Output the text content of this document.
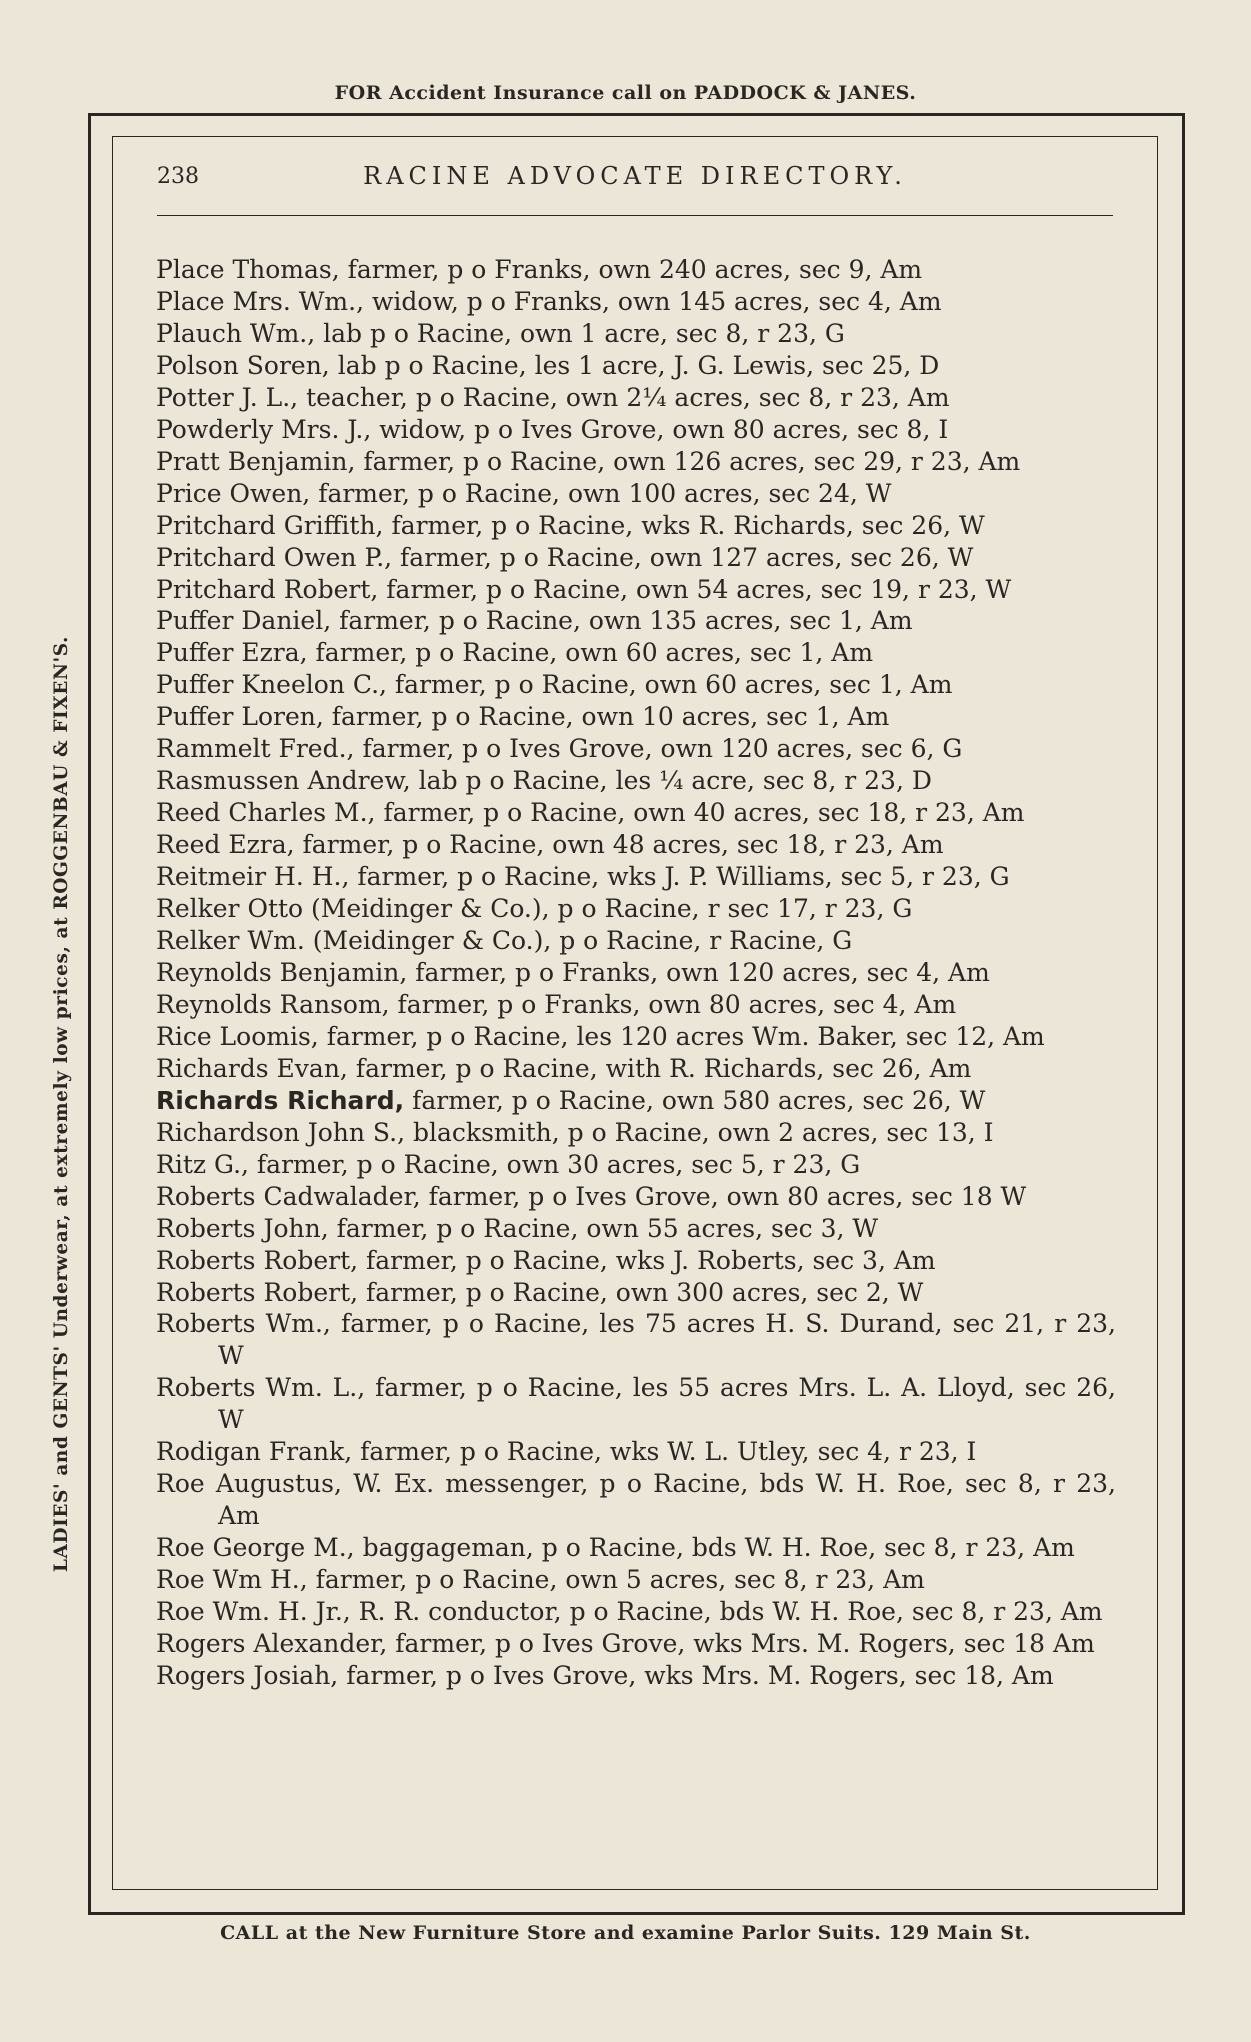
FOR Accident Insurance call on PADDOCK & JANES.
LADIES' and GENTS' Underwear, at extremely low prices, at ROGGENBAU & FIXEN'S.
238	RACINE ADVOCATE DIRECTORY.
Place Thomas, farmer, p o Franks, own 240 acres, sec 9, Am
Place Mrs. Wm., widow, p o Franks, own 145 acres, sec 4, Am
Plauch Wm., lab p o Racine, own 1 acre, sec 8, r 23, G
Polson Soren, lab p o Racine, les 1 acre, J. G. Lewis, sec 25, D
Potter J. L., teacher, p o Racine, own 2¼ acres, sec 8, r 23, Am
Powderly Mrs. J., widow, p o Ives Grove, own 80 acres, sec 8, I
Pratt Benjamin, farmer, p o Racine, own 126 acres, sec 29, r 23, Am
Price Owen, farmer, p o Racine, own 100 acres, sec 24, W
Pritchard Griffith, farmer, p o Racine, wks R. Richards, sec 26, W
Pritchard Owen P., farmer, p o Racine, own 127 acres, sec 26, W
Pritchard Robert, farmer, p o Racine, own 54 acres, sec 19, r 23, W
Puffer Daniel, farmer, p o Racine, own 135 acres, sec 1, Am
Puffer Ezra, farmer, p o Racine, own 60 acres, sec 1, Am
Puffer Kneelon C., farmer, p o Racine, own 60 acres, sec 1, Am
Puffer Loren, farmer, p o Racine, own 10 acres, sec 1, Am
Rammelt Fred., farmer, p o Ives Grove, own 120 acres, sec 6, G
Rasmussen Andrew, lab p o Racine, les ¼ acre, sec 8, r 23, D
Reed Charles M., farmer, p o Racine, own 40 acres, sec 18, r 23, Am
Reed Ezra, farmer, p o Racine, own 48 acres, sec 18, r 23, Am
Reitmeir H. H., farmer, p o Racine, wks J. P. Williams, sec 5, r 23, G
Relker Otto (Meidinger & Co.), p o Racine, r sec 17, r 23, G
Relker Wm. (Meidinger & Co.), p o Racine, r Racine, G
Reynolds Benjamin, farmer, p o Franks, own 120 acres, sec 4, Am
Reynolds Ransom, farmer, p o Franks, own 80 acres, sec 4, Am
Rice Loomis, farmer, p o Racine, les 120 acres Wm. Baker, sec 12, Am
Richards Evan, farmer, p o Racine, with R. Richards, sec 26, Am
Richards Richard, farmer, p o Racine, own 580 acres, sec 26, W
Richardson John S., blacksmith, p o Racine, own 2 acres, sec 13, I
Ritz G., farmer, p o Racine, own 30 acres, sec 5, r 23, G
Roberts Cadwalader, farmer, p o Ives Grove, own 80 acres, sec 18 W
Roberts John, farmer, p o Racine, own 55 acres, sec 3, W
Roberts Robert, farmer, p o Racine, wks J. Roberts, sec 3, Am
Roberts Robert, farmer, p o Racine, own 300 acres, sec 2, W
Roberts Wm., farmer, p o Racine, les 75 acres H. S. Durand, sec 21, r 23, W
Roberts Wm. L., farmer, p o Racine, les 55 acres Mrs. L. A. Lloyd, sec 26, W
Rodigan Frank, farmer, p o Racine, wks W. L. Utley, sec 4, r 23, I
Roe Augustus, W. Ex. messenger, p o Racine, bds W. H. Roe, sec 8, r 23, Am
Roe George M., baggageman, p o Racine, bds W. H. Roe, sec 8, r 23, Am
Roe Wm H., farmer, p o Racine, own 5 acres, sec 8, r 23, Am
Roe Wm. H. Jr., R. R. conductor, p o Racine, bds W. H. Roe, sec 8, r 23, Am
Rogers Alexander, farmer, p o Ives Grove, wks Mrs. M. Rogers, sec 18 Am
Rogers Josiah, farmer, p o Ives Grove, wks Mrs. M. Rogers, sec 18, Am
CALL at the New Furniture Store and examine Parlor Suits. 129 Main St.
